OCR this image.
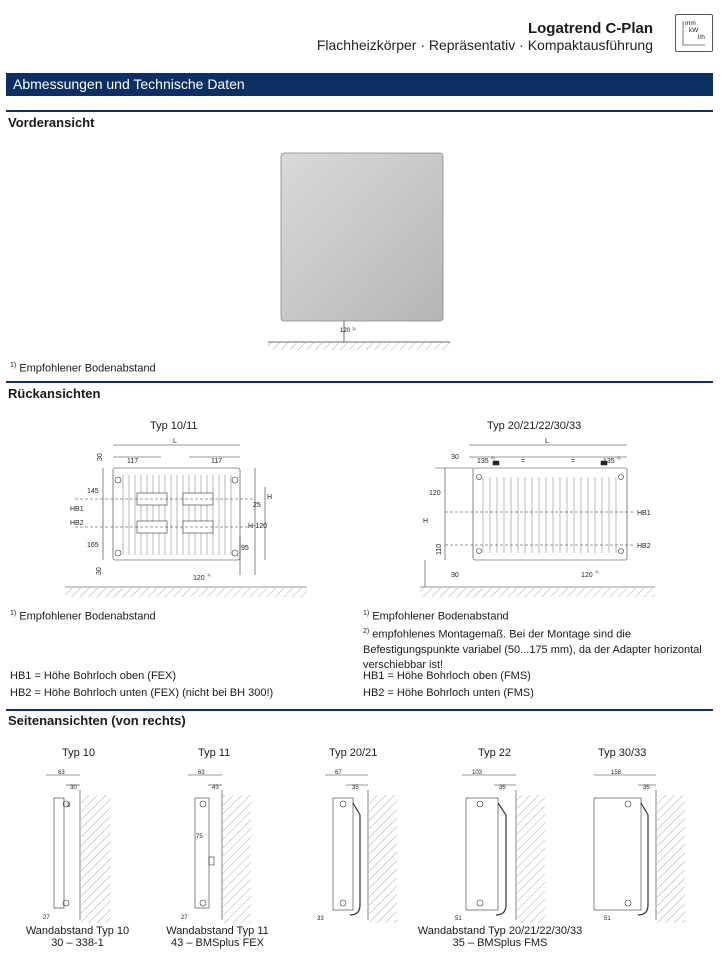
Logatrend C-Plan
Flachheizkörper · Repräsentativ · Kompaktausführung
mm
kW
l/h
Abmessungen und Technische Daten
Vorderansicht
120 1)
$^{1)}$ Empfohlener Bodenabstand
Rückansichten
Typ 10/11	Typ 20/21/22/30/33
L
117	117
30
145
HB1
HB2
165
30
25
H
H-120
95
120
1)
L
30
135
2)
=	=	135
2)
120
H
110
HB1
HB2
30	120
1)
$^{1)}$ Empfohlener Bodenabstand	$^{1)}$ Empfohlener Bodenabstand
$^{2)}$ empfohlenes Montagemaß. Bei der Montage sind die
Befestigungspunkte variabel (50...175 mm), da der Adapter horizontal
verschiebbar ist!
HB1 = Höhe Bohrloch oben (FEX)
HB2 = Höhe Bohrloch unten (FEX) (nicht bei BH 300!)
HB1 = Höhe Bohrloch oben (FMS)
HB2 = Höhe Bohrloch unten (FMS)
Seitenansichten (von rechts)
Typ 10	Typ 11	Typ 20/21	Typ 22	Typ 30/33
63
30
27
3
63
43
27
75
67
35
33
103
35
51
158
35
51
Wandabstand Typ 10
30 – 338-1
Wandabstand Typ 11
43 – BMSplus FEX
Wandabstand Typ 20/21/22/30/33
35 – BMSplus FMS
